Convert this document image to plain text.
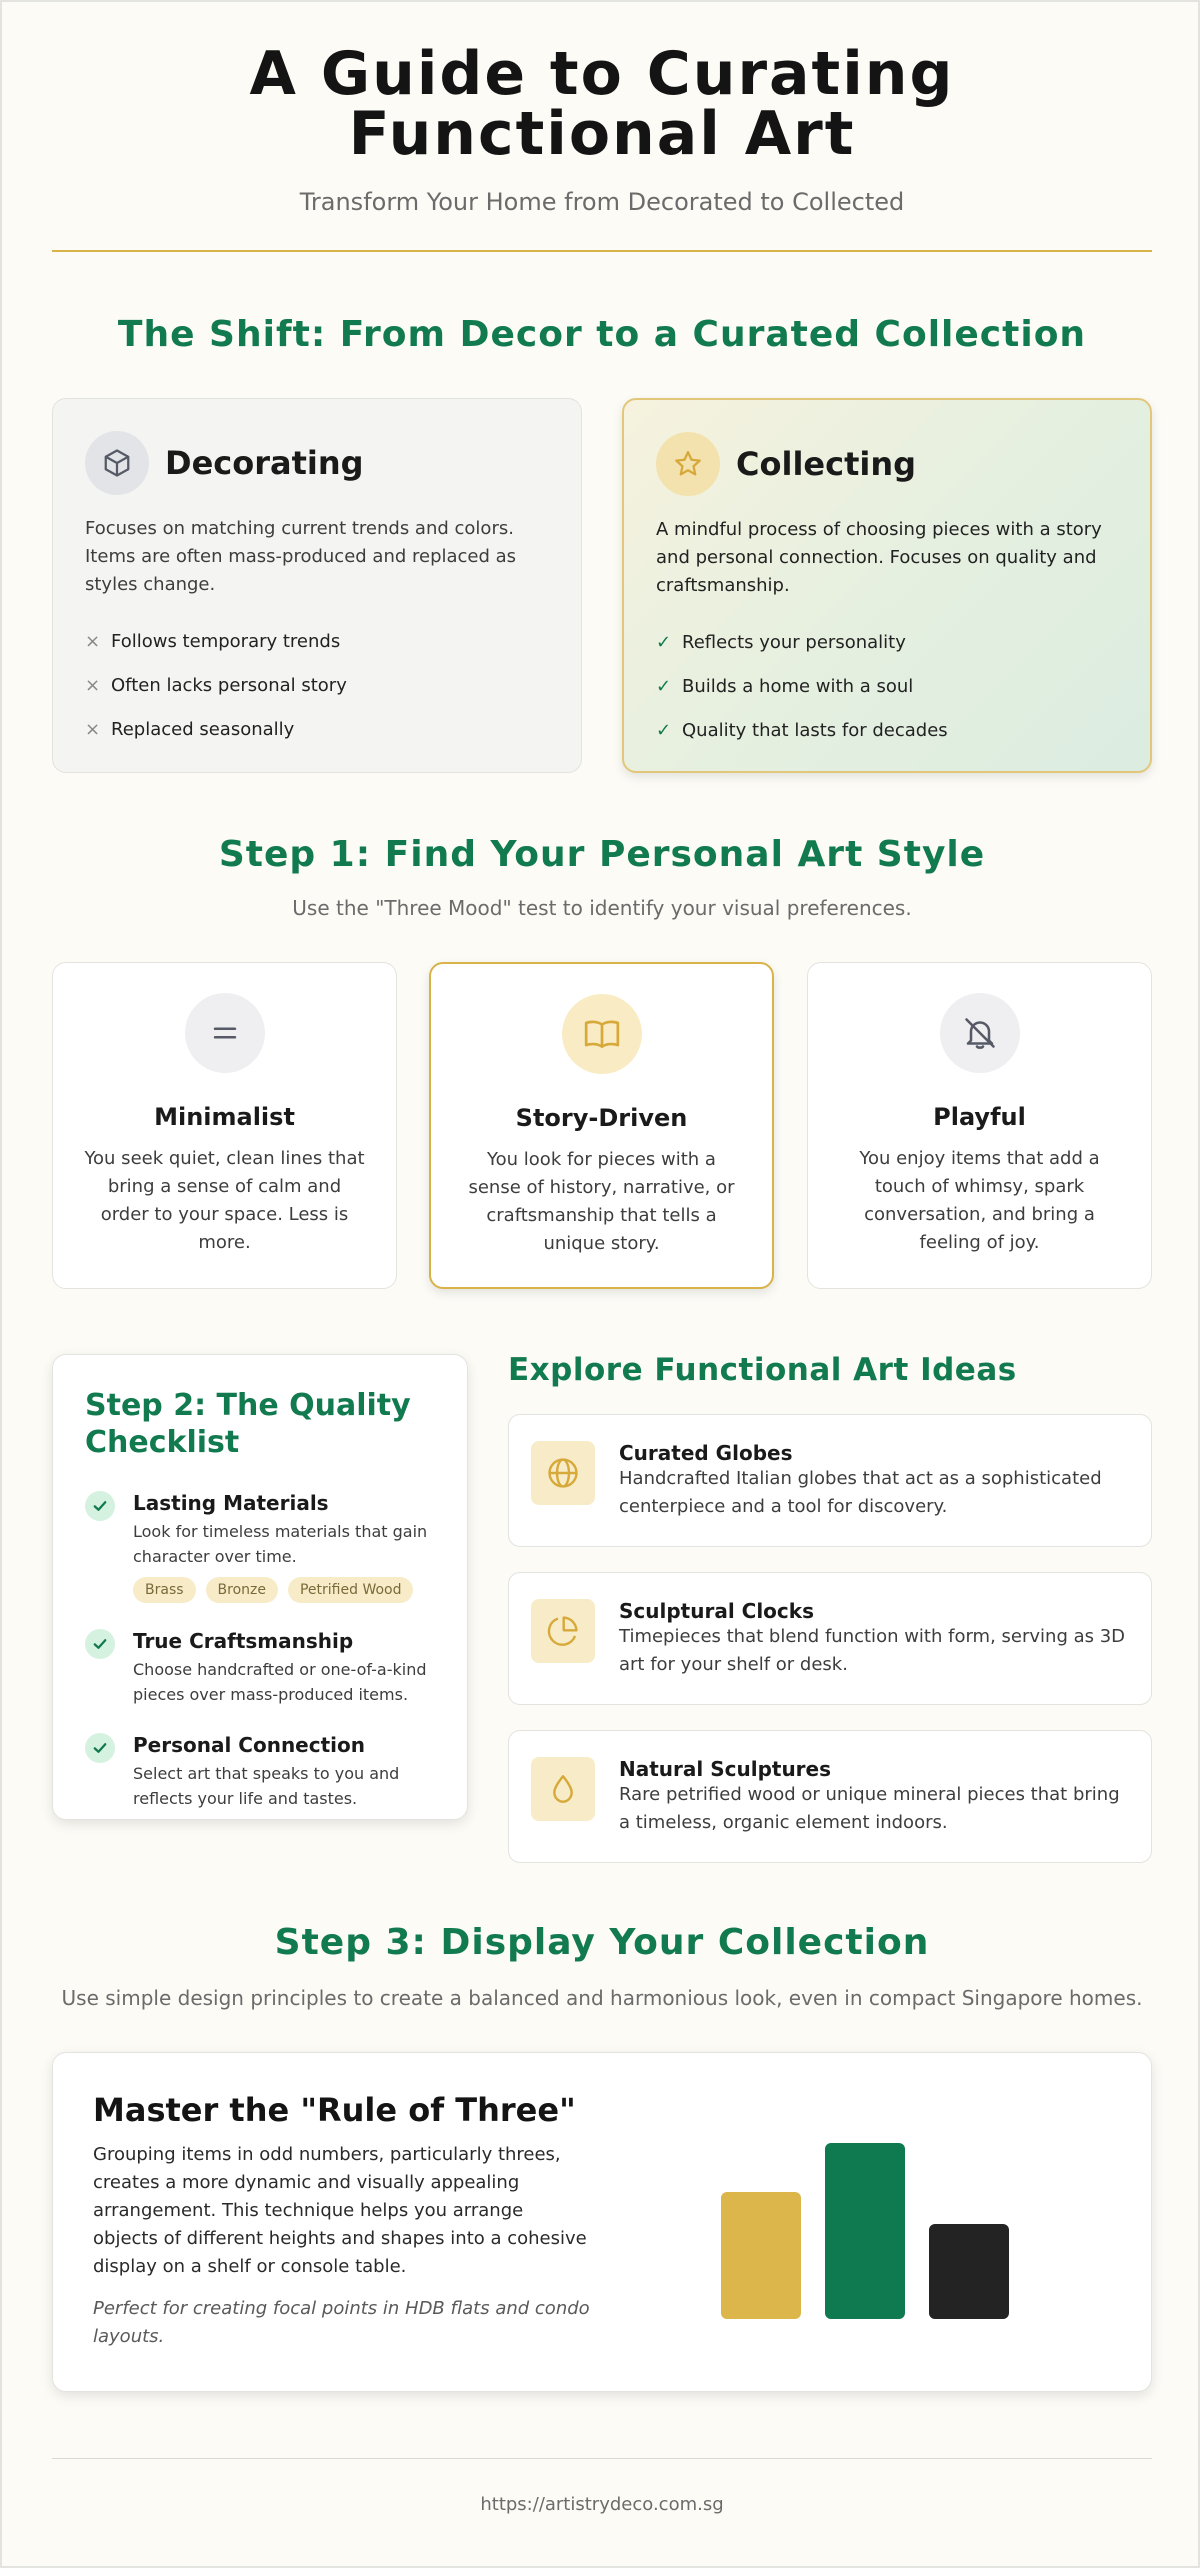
A Guide to Curating
Functional Art
Transform Your Home from Decorated to Collected
The Shift: From Decor to a Curated Collection
Decorating

Focuses on matching current trends and colors. Items are often mass-produced and replaced as styles change.

× Follows temporary trends
× Often lacks personal story
× Replaced seasonally
Collecting

A mindful process of choosing pieces with a story and personal connection. Focuses on quality and craftsmanship.

✓ Reflects your personality
✓ Builds a home with a soul
✓ Quality that lasts for decades
Step 1: Find Your Personal Art Style
Use the "Three Mood" test to identify your visual preferences.
Minimalist

You seek quiet, clean lines that bring a sense of calm and order to your space. Less is more.

Story-Driven

You look for pieces with a sense of history, narrative, or craftsmanship that tells a unique story.

Playful

You enjoy items that add a touch of whimsy, spark conversation, and bring a feeling of joy.

Step 2: The Quality Checklist
Lasting Materials
Look for timeless materials that gain character over time.
Brass	Bronze	Petrified Wood
True Craftsmanship
Choose handcrafted or one-of-a-kind pieces over mass-produced items.
Personal Connection
Select art that speaks to you and reflects your life and tastes.
Explore Functional Art Ideas
Curated Globes
Handcrafted Italian globes that act as a sophisticated centerpiece and a tool for discovery.
Sculptural Clocks
Timepieces that blend function with form, serving as 3D art for your shelf or desk.
Natural Sculptures
Rare petrified wood or unique mineral pieces that bring a timeless, organic element indoors.
Step 3: Display Your Collection
Use simple design principles to create a balanced and harmonious look, even in compact Singapore homes.
Master the "Rule of Three"

Grouping items in odd numbers, particularly threes, creates a more dynamic and visually appealing arrangement. This technique helps you arrange objects of different heights and shapes into a cohesive display on a shelf or console table.

Perfect for creating focal points in HDB flats and condo layouts.

https://artistrydeco.com.sg
